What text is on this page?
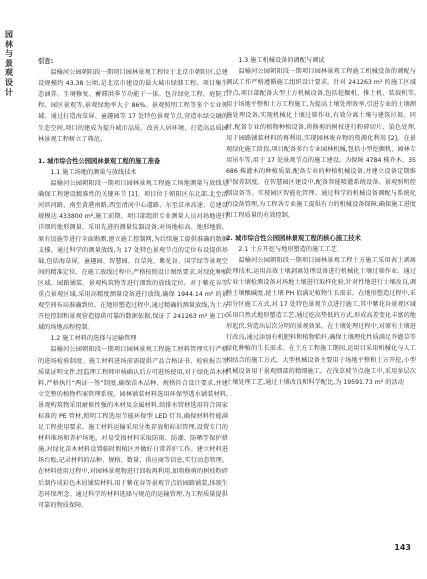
园
林
与
景
观
设
计
引言:

温榆河公园朝阳段一期项目园林景观工程位于北京市朝阳区,总建设规模约 43.38 公顷,是北京市建设的最大城市绿肺工程。项目集生态涵养、生境修复、蓄滞洪季节功能于一体。包含绿化工程、庭院工程、园区景观等,景观绿地率大于 86%。景观照明工程等多个专业领域。通过打造海草屏、童趣园等 17 处特色景观节点,营造水绿交融的生态空间,项目的建成为提升城市品质、改善人居环境、打造高品质园林景观工程树立了典范。

1. 城市综合性公园园林景观工程的施工准备
1.1 施工场地的测量与放线技术

温榆河公园朝阳段一期项目园林景观工程施工场地测量与放线是确保工程建设精准性的关键环节 [1]。项目位于朝阳区东北部,北至清河滨河路、南至黄港南路,西至清河中心道路、东至京承高速、总建设规模达 433800 m²,施工前期、项目部组织专业测量人员对场地进行详细的地形测量。采用先进的测量仪器设备,对场地标高、地形地貌、原有设施等进行全面勘测,建立施工控制网,为后续施工提供准确的数据支撑。通过科学的测量放线,为 17 处特色景观节点的定位布设提供基础,包括海草屏、童趣园、智慧园、百草苑、紫花谷、国学绿等景观空间的精准定位。在施工放线过程中,严格按照设计图纸要求,对绿化种植区域、园路铺装、景观构筑物等进行细致的放线定位。对于紫花谷等重点景观区域,采用高精度测量设备进行放线,确保 1944.14 m² 的景观空间布局准确到位。在地形塑造过程中,通过精确的测量放线,为土方开挖控制和景观营造提供可靠的数据依据,保证了 241263 m² 施工区域的场地高程控制。

1.2 施工材料的选择与运输管理

温榆河公园朝阳段一期项目园林景观工程施工材料管理实行严格的进场检验制度。施工材料进场前需提供产品合格证书、检验报告等质量证明文件,经监理工程师审核确认后方可进场使用,对于绿化苗木材料,严格执行“两证一签”制度,确保苗木品种、规格符合设计要求,并建立完整的植物档案管理系统。园林铺装材料选用环保型透水铺装材料,景观构筑物采用耐候性强的木材及金属材料,给排水管材选用符合国家标准的 PE 管材,照明工程选用节能环保型 LED 灯具,确保材料性能满足工程使用要求。施工材料运输采用分类存放和标识管理,设置专门的材料堆场和养护场地。对易受损材料采取防雨、防潮、防晒等保护措施,对绿化苗木材料设置临时假植区并做好日常养护工作。建立材料进场台账,记录材料的品种、规格、数量、供应商等信息,实行动态管理。在材料使用过程中,对园林景观物进行回收再利用,如将修剪的树枝粉碎后制作成彩色木屑铺装材料,用于紫花谷等景观节点的园路铺装,体现生态环保理念。通过科学的材料选择与规范的运输管理,为工程质量提供可靠的物质保障。

1.3 施工机械设备的调配与调试

温榆河公园朝阳段一期项目园林景观工程施工机械设备的调配与调试工作严格遵循施工组织设计要求。针对 241263 m² 的施工区域特点,项目部配备大型土方机械设备,包括挖掘机、推土机、装载机等,用于场地平整和土方工程施工,为提高土壤处理效率,引进专业的土壤测施处理设备,实现机械化土壤过筛作业,有效分离土壤与建筑垃圾。同时,配备专业的植物种植设备,将修剪的树枝进行粉碎切片、染色处理,用于园路铺装材料的再利用,实现园林废弃物的资源化利用 [2]。在景观绿化施工阶段,项目配备多台专业园林机械,包括小型挖掘机、园林专用吊车等,用于 17 处景观节点的施工建设。为保障 4784 株乔木、35686 株灌木的种植质量,配备专业的种植机械设备,并建立设备定期维护保养制度。在智慧园区建设中,配备智能喷灌系统设备、景观照明控制设备等。实现园区智能化管理。通过科学的机械设备调配与系统化的设备管理,为工程各专业施工提供有力的机械设备保障,确保施工进度和工程质量的有效控制。

2. 城市综合性公园园林景观工程的核心施工技术
2.1 土方开挖与地形塑造的施工工艺

温榆河公园朝阳段一期项目园林景观工程土方施工采用表土剥离处理技术,运用高效土壤剥离处理设备进行机械化土壤过筛作业。通过专业土壤检测设备对场地土壤进行取样化验,针对性地进行土壤改良,调整土壤酸碱度,使土壤 PH 值满足植物生长需求。在地形塑造过程中,采用分区施工方式,对 17 处特色景观节点进行施工,其中紫花谷景观区域采用自然式地形塑造工艺,通过挖高垫低的方式,形成高差变化丰富的地形起伏,营造出层次分明的景观效果。在土壤处理过程中,对原有土壤进行改良,通过添加有机肥料和植物秸秆,确保土壤理化性质满足乔灌草等绿化种植的生长需求。在土方工程施工期间,运用目采用机械化与人工相结合的施工方式。大型机械设备主要用于场地平整和土方开挖,小型机械设备用于景观细部的精细施工。在浅草坡节点施工中,采用多层次土壤处理工艺,通过土壤改良和科学配比,为 19591.73 m² 的活动

143
